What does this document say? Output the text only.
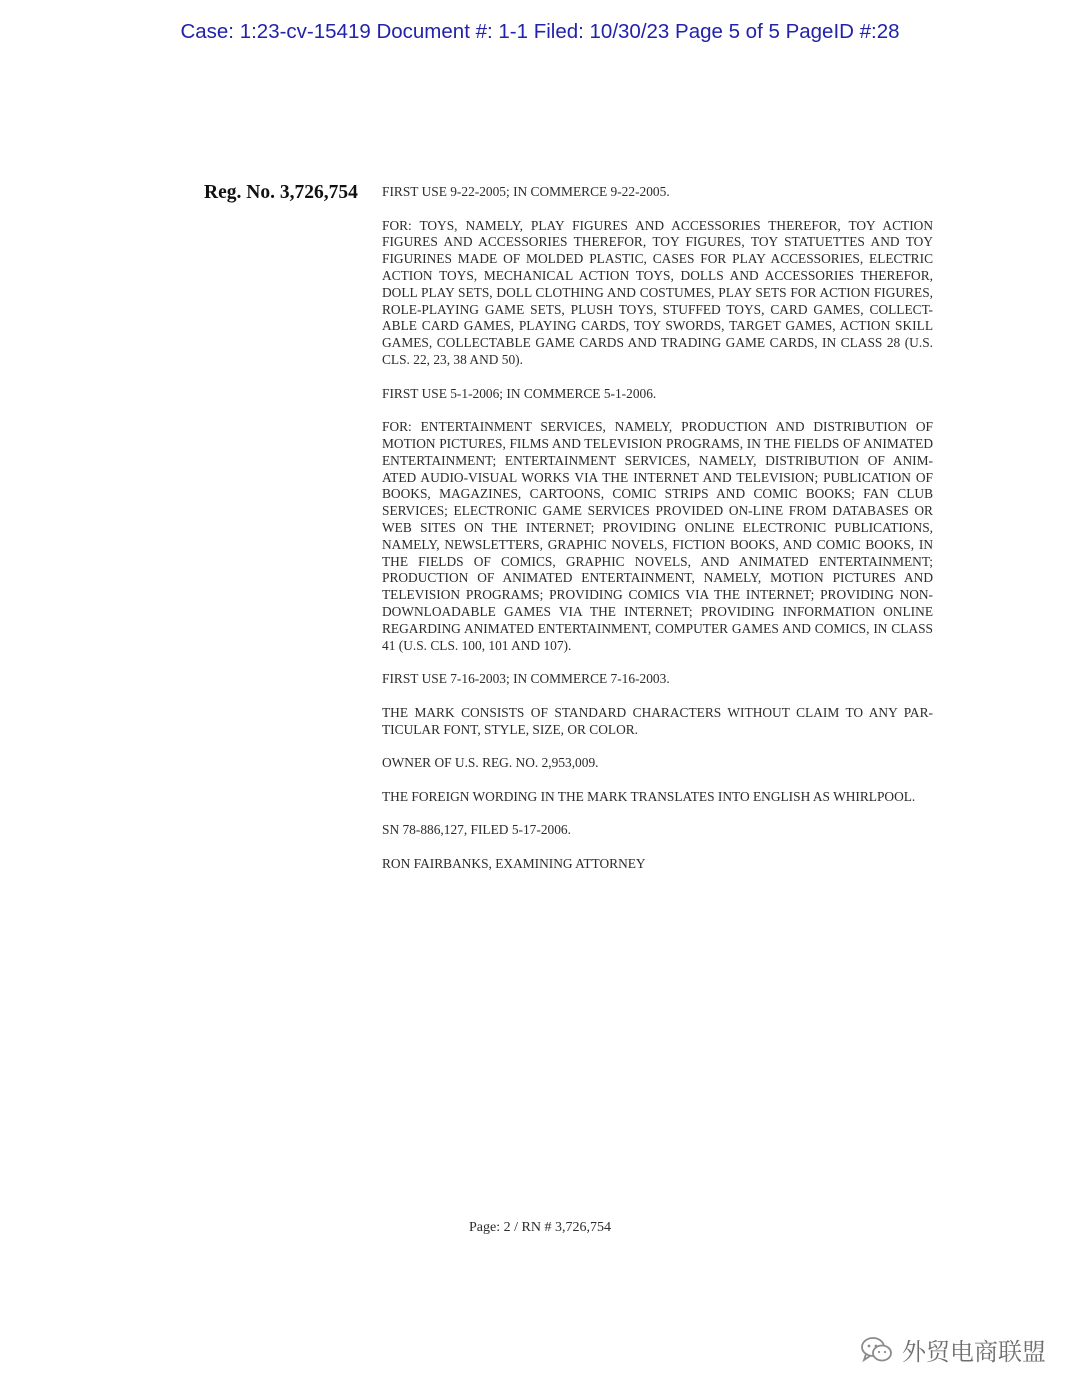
Case: 1:23-cv-15419 Document #: 1-1 Filed: 10/30/23 Page 5 of 5 PageID #:28
Reg. No. 3,726,754	FIRST USE 9-22-2005; IN COMMERCE 9-22-2005.

FOR: TOYS, NAMELY, PLAY FIGURES AND ACCESSORIES THEREFOR, TOY ACTION FIGURES AND ACCESSORIES THEREFOR, TOY FIGURES, TOY STATUETTES AND TOY FIGURINES MADE OF MOLDED PLASTIC, CASES FOR PLAY ACCESSORIES, ELECTRIC ACTION TOYS, MECHANICAL ACTION TOYS, DOLLS AND ACCESSORIES THEREFOR, DOLL PLAY SETS, DOLL CLOTHING AND COSTUMES, PLAY SETS FOR ACTION FIGURES, ROLE-PLAYING GAME SETS, PLUSH TOYS, STUFFED TOYS, CARD GAMES, COLLECT-ABLE CARD GAMES, PLAYING CARDS, TOY SWORDS, TARGET GAMES, ACTION SKILL GAMES, COLLECTABLE GAME CARDS AND TRADING GAME CARDS, IN CLASS 28 (U.S. CLS. 22, 23, 38 AND 50).

FIRST USE 5-1-2006; IN COMMERCE 5-1-2006.

FOR: ENTERTAINMENT SERVICES, NAMELY, PRODUCTION AND DISTRIBUTION OF MOTION PICTURES, FILMS AND TELEVISION PROGRAMS, IN THE FIELDS OF ANIMATED ENTERTAINMENT; ENTERTAINMENT SERVICES, NAMELY, DISTRIBUTION OF ANIM-ATED AUDIO-VISUAL WORKS VIA THE INTERNET AND TELEVISION; PUBLICATION OF BOOKS, MAGAZINES, CARTOONS, COMIC STRIPS AND COMIC BOOKS; FAN CLUB SERVICES; ELECTRONIC GAME SERVICES PROVIDED ON-LINE FROM DATABASES OR WEB SITES ON THE INTERNET; PROVIDING ONLINE ELECTRONIC PUBLICATIONS, NAMELY, NEWSLETTERS, GRAPHIC NOVELS, FICTION BOOKS, AND COMIC BOOKS, IN THE FIELDS OF COMICS, GRAPHIC NOVELS, AND ANIMATED ENTERTAINMENT; PRODUCTION OF ANIMATED ENTERTAINMENT, NAMELY, MOTION PICTURES AND TELEVISION PROGRAMS; PROVIDING COMICS VIA THE INTERNET; PROVIDING NON-DOWNLOADABLE GAMES VIA THE INTERNET; PROVIDING INFORMATION ONLINE REGARDING ANIMATED ENTERTAINMENT, COMPUTER GAMES AND COMICS, IN CLASS 41 (U.S. CLS. 100, 101 AND 107).

FIRST USE 7-16-2003; IN COMMERCE 7-16-2003.

THE MARK CONSISTS OF STANDARD CHARACTERS WITHOUT CLAIM TO ANY PAR-TICULAR FONT, STYLE, SIZE, OR COLOR.

OWNER OF U.S. REG. NO. 2,953,009.

THE FOREIGN WORDING IN THE MARK TRANSLATES INTO ENGLISH AS WHIRLPOOL.

SN 78-886,127, FILED 5-17-2006.

RON FAIRBANKS, EXAMINING ATTORNEY

Page: 2 / RN # 3,726,754
外贸电商联盟
